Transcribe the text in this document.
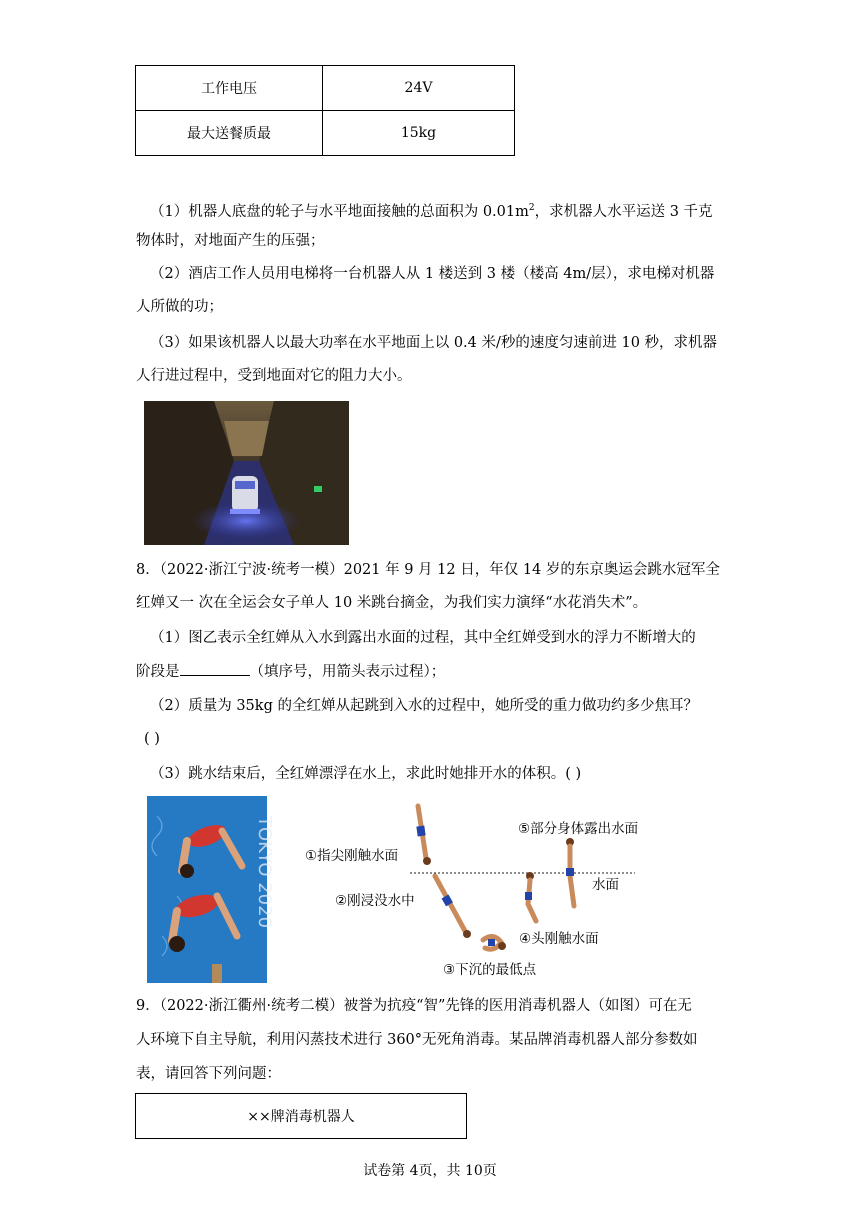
工作电压	24V
最大送餐质最	15kg
（1）机器人底盘的轮子与水平地面接触的总面积为 $0.01m^2$，求机器人水平运送 3 千克
物体时，对地面产生的压强；
（2）酒店工作人员用电梯将一台机器人从 1 楼送到 3 楼（楼高 4m/层），求电梯对机器
人所做的功；
（3）如果该机器人以最大功率在水平地面上以 0.4 米/秒的速度匀速前进 10 秒，求机器
人行进过程中，受到地面对它的阻力大小。
8．（2022·浙江宁波·统考一模）2021 年 9 月 12 日，年仅 14 岁的东京奥运会跳水冠军全
红婵又一 次在全运会女子单人 10 米跳台摘金，为我们实力演绎“水花消失术”。
（1）图乙表示全红婵从入水到露出水面的过程，其中全红婵受到水的浮力不断增大的
阶段是	（填序号，用箭头表示过程）；
（2）质量为 35kg 的全红婵从起跳到入水的过程中，她所受的重力做功约多少焦耳？
( )
（3）跳水结束后，全红婵漂浮在水上，求此时她排开水的体积。( )
TOKYO 2020 ①指尖刚触水面
②刚浸没水中
③下沉的最低点
④头刚触水面
⑤部分身体露出水面
水面
9．（2022·浙江衢州·统考二模）被誉为抗疫“智”先锋的医用消毒机器人（如图）可在无
人环境下自主导航，利用闪蒸技术进行 360°无死角消毒。某品牌消毒机器人部分参数如
表，请回答下列问题：
××牌消毒机器人
试卷第 4页，共 10页
